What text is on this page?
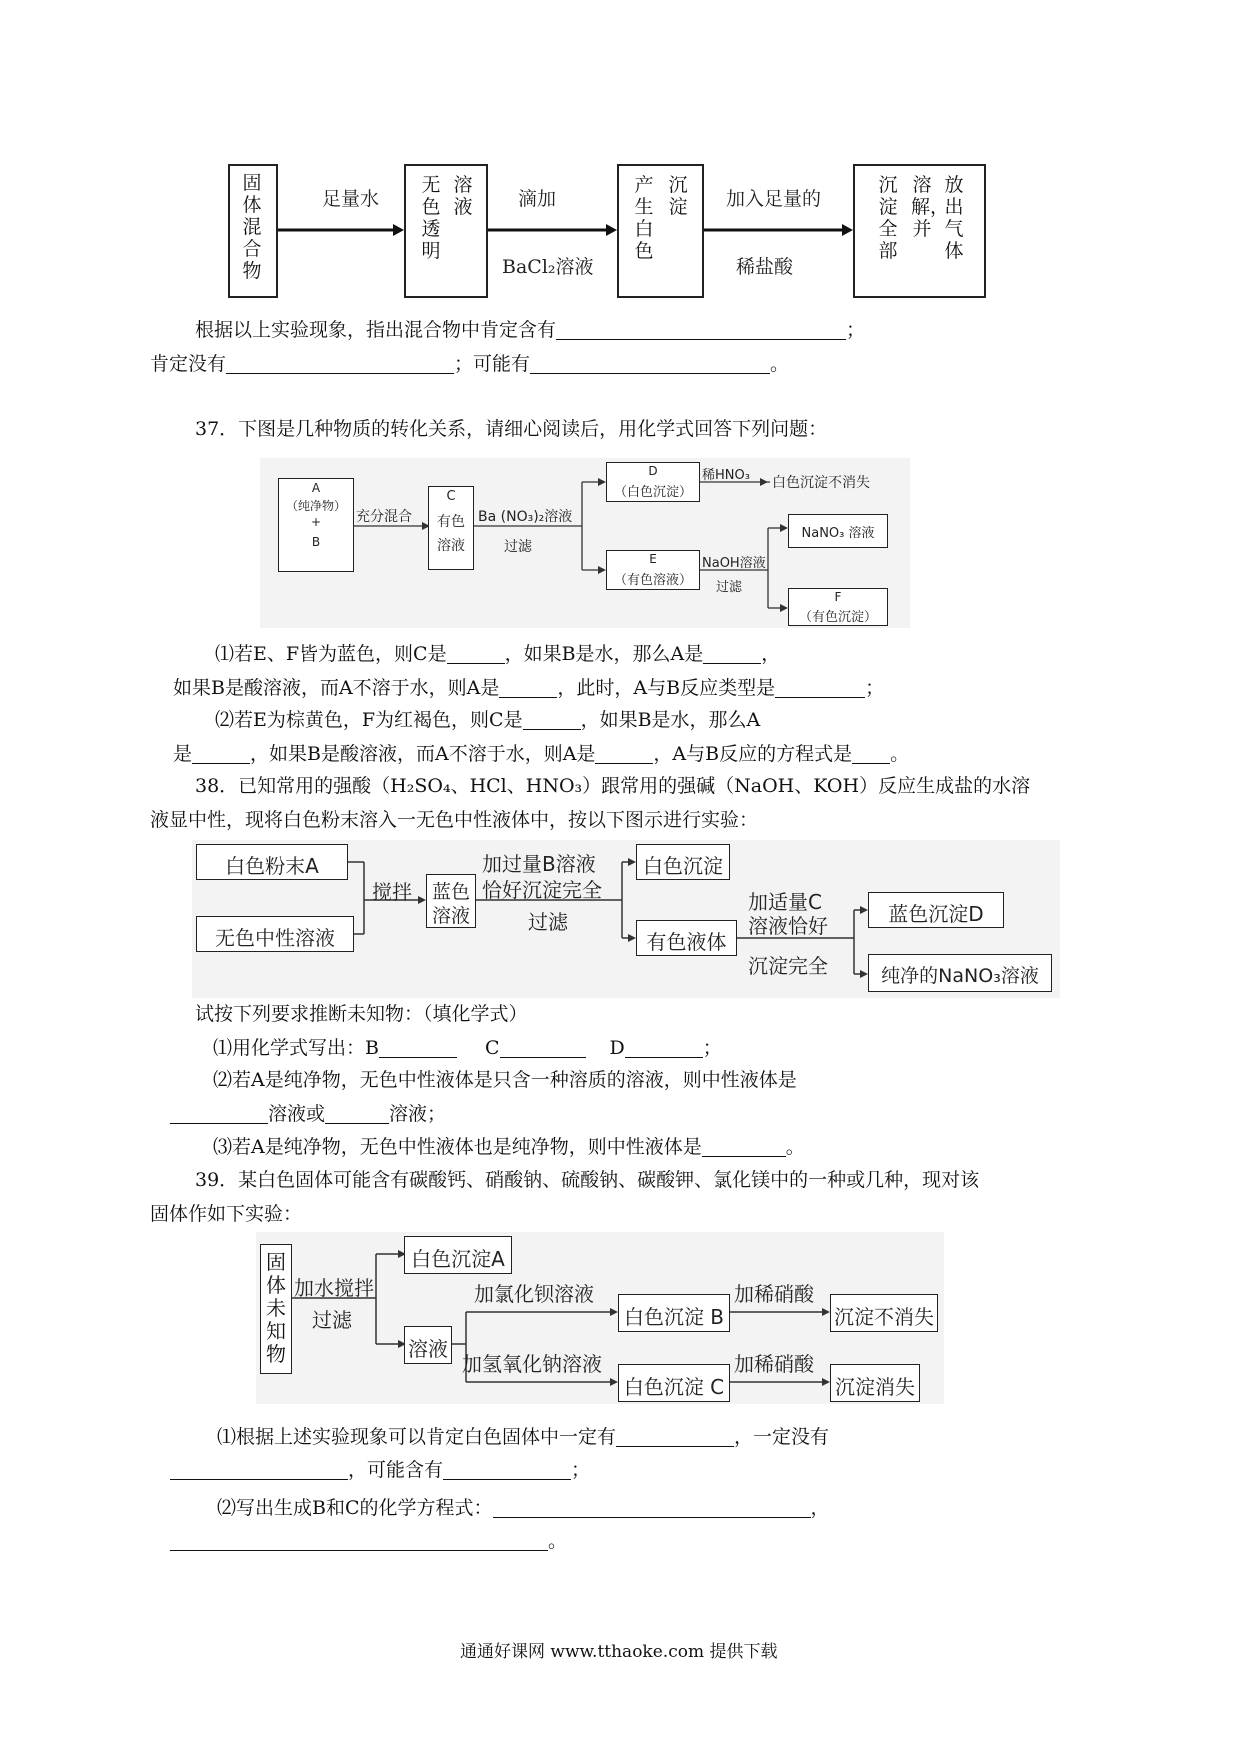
固体混合物
足量水
无色透明
溶液 滴加
BaCl₂溶液
产生白色
沉淀 加入足量的
稀盐酸
沉淀全部
溶解，并
放出气体
根据以上实验现象，指出混合物中肯定含有	；
肯定没有	；可能有	。
37．下图是几种物质的转化关系，请细心阅读后，用化学式回答下列问题：
A
（纯净物）
+
B
充分混合
C
有色
溶液
Ba (NO₃)₂溶液
过滤
D
（白色沉淀）
稀HNO₃ 白色沉淀不消失
E
（有色溶液）
NaOH溶液
过滤
NaNO₃ 溶液
F
（有色沉淀）
⑴若E、F皆为蓝色，则C是	，如果B是水，那么A是	，
如果B是酸溶液，而A不溶于水，则A是	，此时，A与B反应类型是	；
⑵若E为棕黄色，F为红褐色，则C是	，如果B是水，那么A
是	，如果B是酸溶液，而A不溶于水，则A是	，A与B反应的方程式是 。
38．已知常用的强酸（H₂SO₄、HCl、HNO₃）跟常用的强碱（NaOH、KOH）反应生成盐的水溶
液显中性，现将白色粉末溶入一无色中性液体中，按以下图示进行实验：
白色粉末A
无色中性溶液
搅拌 蓝色
溶液
加过量B溶液
恰好沉淀完全
过滤
白色沉淀
有色液体
加适量C
溶液恰好
沉淀完全
蓝色沉淀D
纯净的NaNO₃溶液
试按下列要求推断未知物：（填化学式）
⑴用化学式写出：B	C	D	；
⑵若A是纯净物，无色中性液体是只含一种溶质的溶液，则中性液体是
溶液或	溶液；
⑶若A是纯净物，无色中性液体也是纯净物，则中性液体是	。
39．某白色固体可能含有碳酸钙、硝酸钠、硫酸钠、碳酸钾、氯化镁中的一种或几种，现对该
固体作如下实验：
固体未知物
加水搅拌
过滤
白色沉淀A
溶液
加氯化钡溶液
白色沉淀 B
加稀硝酸
沉淀不消失
加氢氧化钠溶液
白色沉淀 C
加稀硝酸
沉淀消失
⑴根据上述实验现象可以肯定白色固体中一定有	，一定没有
，可能含有	；
⑵写出生成B和C的化学方程式：	，
。
通通好课网 www.tthaoke.com 提供下载
